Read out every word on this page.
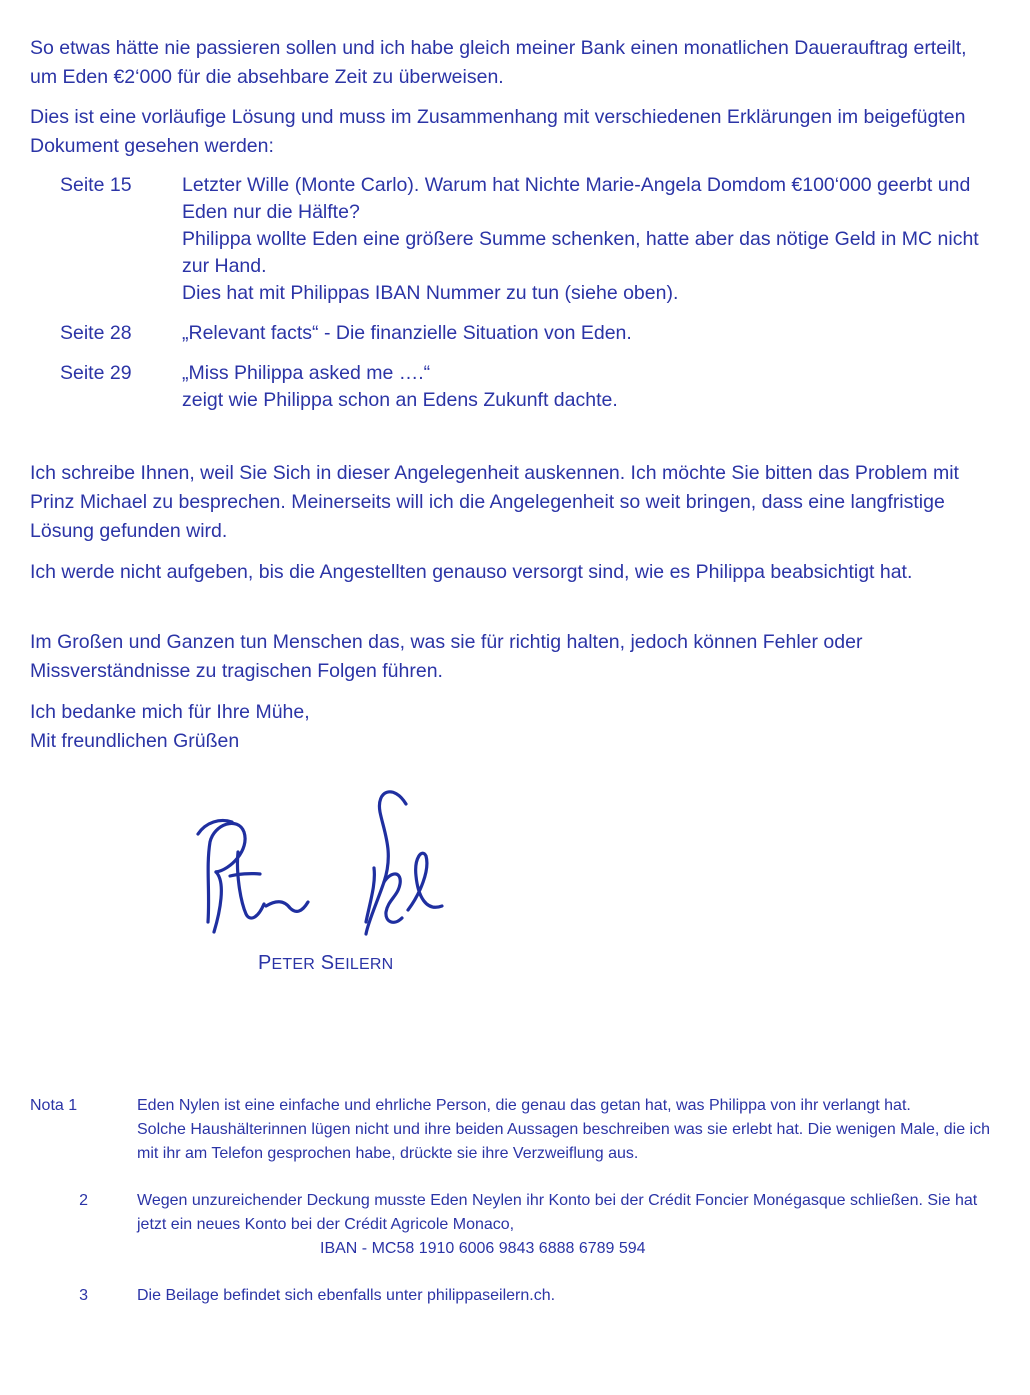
So etwas hätte nie passieren sollen und ich habe gleich meiner Bank einen monatlichen Dauerauftrag erteilt, um Eden €2‘000 für die absehbare Zeit zu überweisen.

Dies ist eine vorläufige Lösung und muss im Zusammenhang mit verschiedenen Erklärungen im beigefügten Dokument gesehen werden:

Seite 15	Letzter Wille (Monte Carlo). Warum hat Nichte Marie-Angela Domdom €100‘000 geerbt und Eden nur die Hälfte?
Philippa wollte Eden eine größere Summe schenken, hatte aber das nötige Geld in MC nicht zur Hand.
Dies hat mit Philippas IBAN Nummer zu tun (siehe oben).
Seite 28	„Relevant facts“ - Die finanzielle Situation von Eden.
Seite 29	„Miss Philippa asked me ….“
zeigt wie Philippa schon an Edens Zukunft dachte.

Ich schreibe Ihnen, weil Sie Sich in dieser Angelegenheit auskennen. Ich möchte Sie bitten das Problem mit Prinz Michael zu besprechen. Meinerseits will ich die Angelegenheit so weit bringen, dass eine langfristige Lösung gefunden wird.

Ich werde nicht aufgeben, bis die Angestellten genauso versorgt sind, wie es Philippa beabsichtigt hat.

Im Großen und Ganzen tun Menschen das, was sie für richtig halten, jedoch können Fehler oder Missverständnisse zu tragischen Folgen führen.

Ich bedanke mich für Ihre Mühe,
Mit freundlichen Grüßen

PETER SEILERN
Nota 1	Eden Nylen ist eine einfache und ehrliche Person, die genau das getan hat, was Philippa von ihr verlangt hat.
Solche Haushälterinnen lügen nicht und ihre beiden Aussagen beschreiben was sie erlebt hat. Die wenigen Male, die ich mit ihr am Telefon gesprochen habe, drückte sie ihre Verzweiflung aus.
2	Wegen unzureichender Deckung musste Eden Neylen ihr Konto bei der Crédit Foncier Monégasque schließen. Sie hat jetzt ein neues Konto bei der Crédit Agricole Monaco,
IBAN - MC58 1910 6006 9843 6888 6789 594
3	Die Beilage befindet sich ebenfalls unter philippaseilern.ch.
